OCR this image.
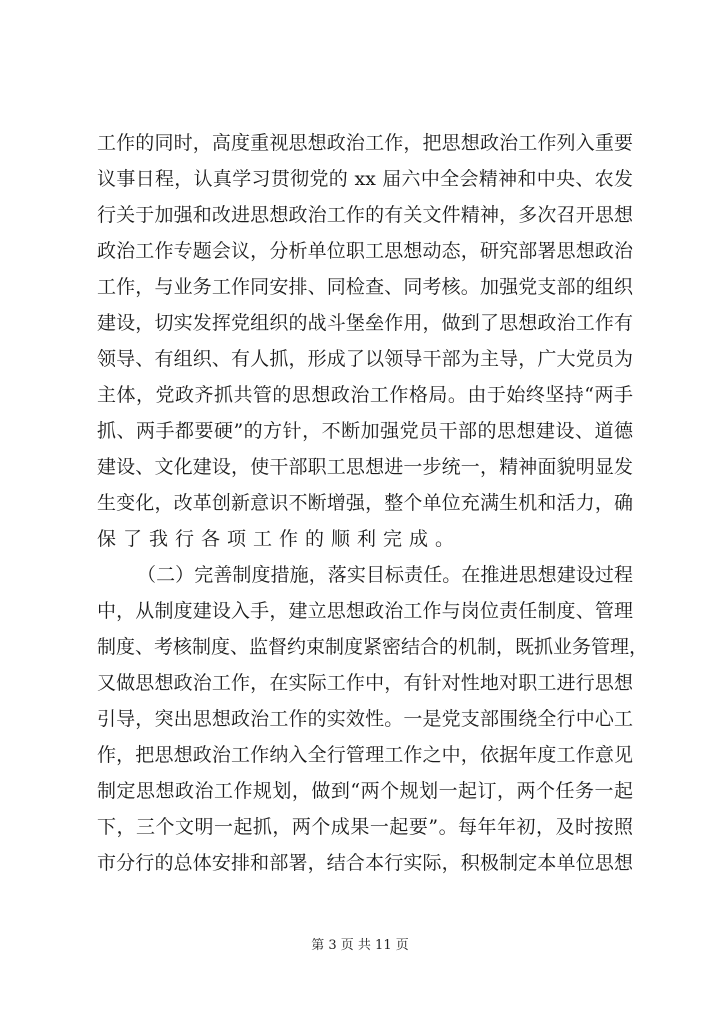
工作的同时，高度重视思想政治工作，把思想政治工作列入重要
议事日程，认真学习贯彻党的 xx 届六中全会精神和中央、农发
行关于加强和改进思想政治工作的有关文件精神，多次召开思想
政治工作专题会议，分析单位职工思想动态，研究部署思想政治
工作，与业务工作同安排、同检查、同考核。加强党支部的组织
建设，切实发挥党组织的战斗堡垒作用，做到了思想政治工作有
领导、有组织、有人抓，形成了以领导干部为主导，广大党员为
主体，党政齐抓共管的思想政治工作格局。由于始终坚持“两手
抓、两手都要硬”的方针，不断加强党员干部的思想建设、道德
建设、文化建设，使干部职工思想进一步统一，精神面貌明显发
生变化，改革创新意识不断增强，整个单位充满生机和活力，确
保了我行各项工作的顺利完成。
（二）完善制度措施，落实目标责任。在推进思想建设过程
中，从制度建设入手，建立思想政治工作与岗位责任制度、管理
制度、考核制度、监督约束制度紧密结合的机制，既抓业务管理，
又做思想政治工作，在实际工作中，有针对性地对职工进行思想
引导，突出思想政治工作的实效性。一是党支部围绕全行中心工
作，把思想政治工作纳入全行管理工作之中，依据年度工作意见
制定思想政治工作规划，做到“两个规划一起订，两个任务一起
下，三个文明一起抓，两个成果一起要”。每年年初，及时按照
市分行的总体安排和部署，结合本行实际，积极制定本单位思想
第 3 页 共 11 页
